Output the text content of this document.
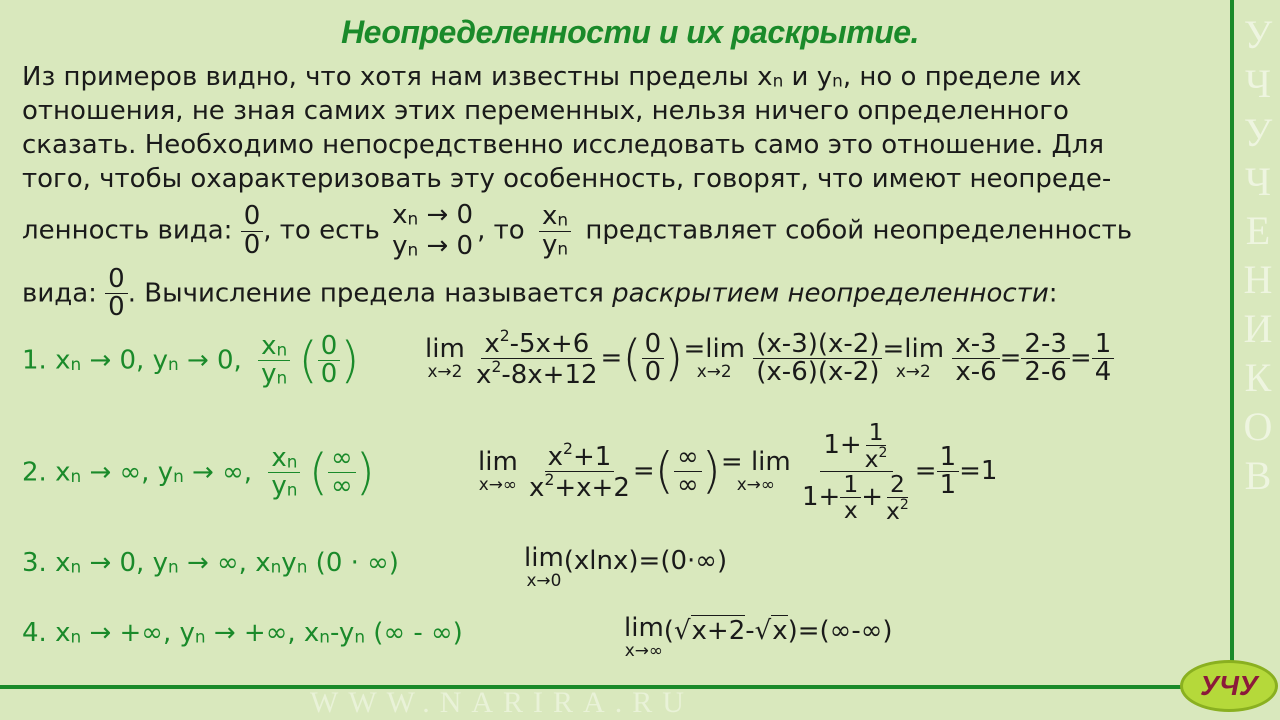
Неопределенности и их раскрытие.
Из примеров видно, что хотя нам известны пределы xn и yn, но о пределе их
отношения, не зная самих этих переменных, нельзя ничего определенного
сказать. Необходимо непосредственно исследовать само это отношение. Для
того, чтобы охарактеризовать эту особенность, говорят, что имеют неопреде-
ленность вида: $\frac{0}{0}$ , то есть
xn → 0
yn → 0
, то $\frac{xn}{yn}$ представляет собой неопределенность
вида: $\frac{0}{0}$ . Вычисление предела называется раскрытием неопределенности:
1. xn → 0, yn → 0, $\frac{xn}{yn}$ ( $\frac{0}{0}$ )	lim
x→2
$\frac{x^2-5x+6}{x^2-8x+12}$ =( $\frac{0}{0}$ ) =lim
x→2
$\frac{(x-3)(x-2)}{(x-6)(x-2)} =\lim$
x→2
$\frac{x-3}{x-6} = \frac{2-3}{2-6} = \frac{1}{4}$
2. xn → ∞, yn → ∞, $\frac{xn}{yn}$ ( $\frac{\infty}{\infty}$ )	lim
x→∞
$\frac{x^2+1}{x^2+x+2}$ =( $\frac{\infty}{\infty}$ ) = lim
x→∞
$\frac{1+ \frac{1}{x^2}}{1+ \frac{1}{x} + \frac{2}{x^2}} = \frac{1}{1} =1$
3. xn → 0, yn → ∞, xnyn (0 · ∞)	lim
x→0
(xlnx)=(0·∞)
4. xn → +∞, yn → +∞, xn-yn (∞ - ∞)	lim
x→∞
(√x+2-√x)=(∞-∞)
УЧУЧЕНИКОВ
WWW.NARIRA.RU
УЧУ
